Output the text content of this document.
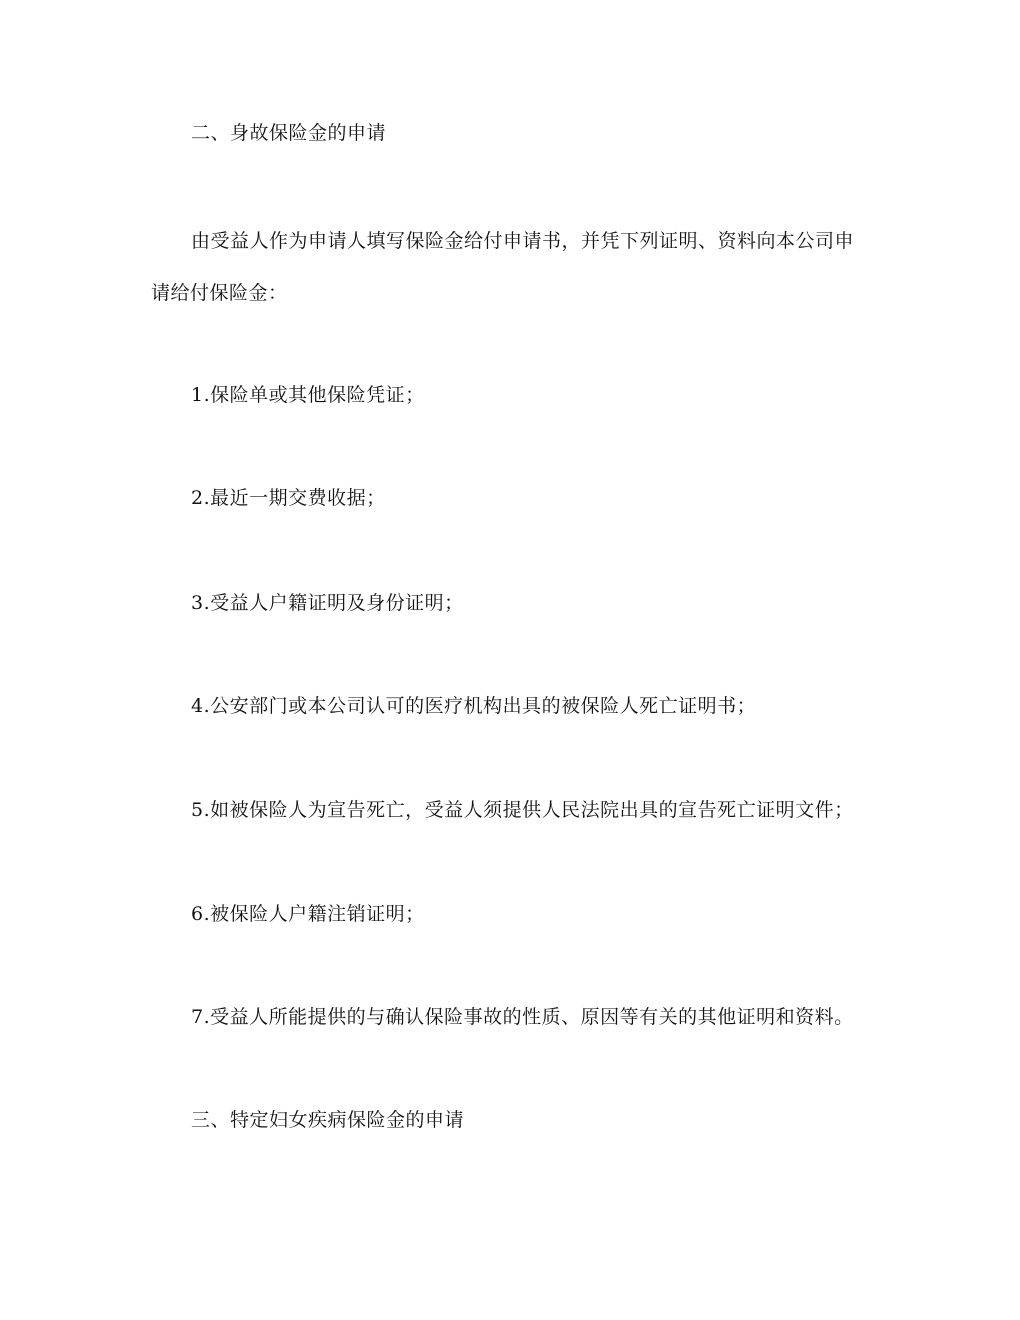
二、身故保险金的申请
由受益人作为申请人填写保险金给付申请书，并凭下列证明、资料向本公司申
请给付保险金：
1.保险单或其他保险凭证；
2.最近一期交费收据；
3.受益人户籍证明及身份证明；
4.公安部门或本公司认可的医疗机构出具的被保险人死亡证明书；
5.如被保险人为宣告死亡，受益人须提供人民法院出具的宣告死亡证明文件；
6.被保险人户籍注销证明；
7.受益人所能提供的与确认保险事故的性质、原因等有关的其他证明和资料。
三、特定妇女疾病保险金的申请
